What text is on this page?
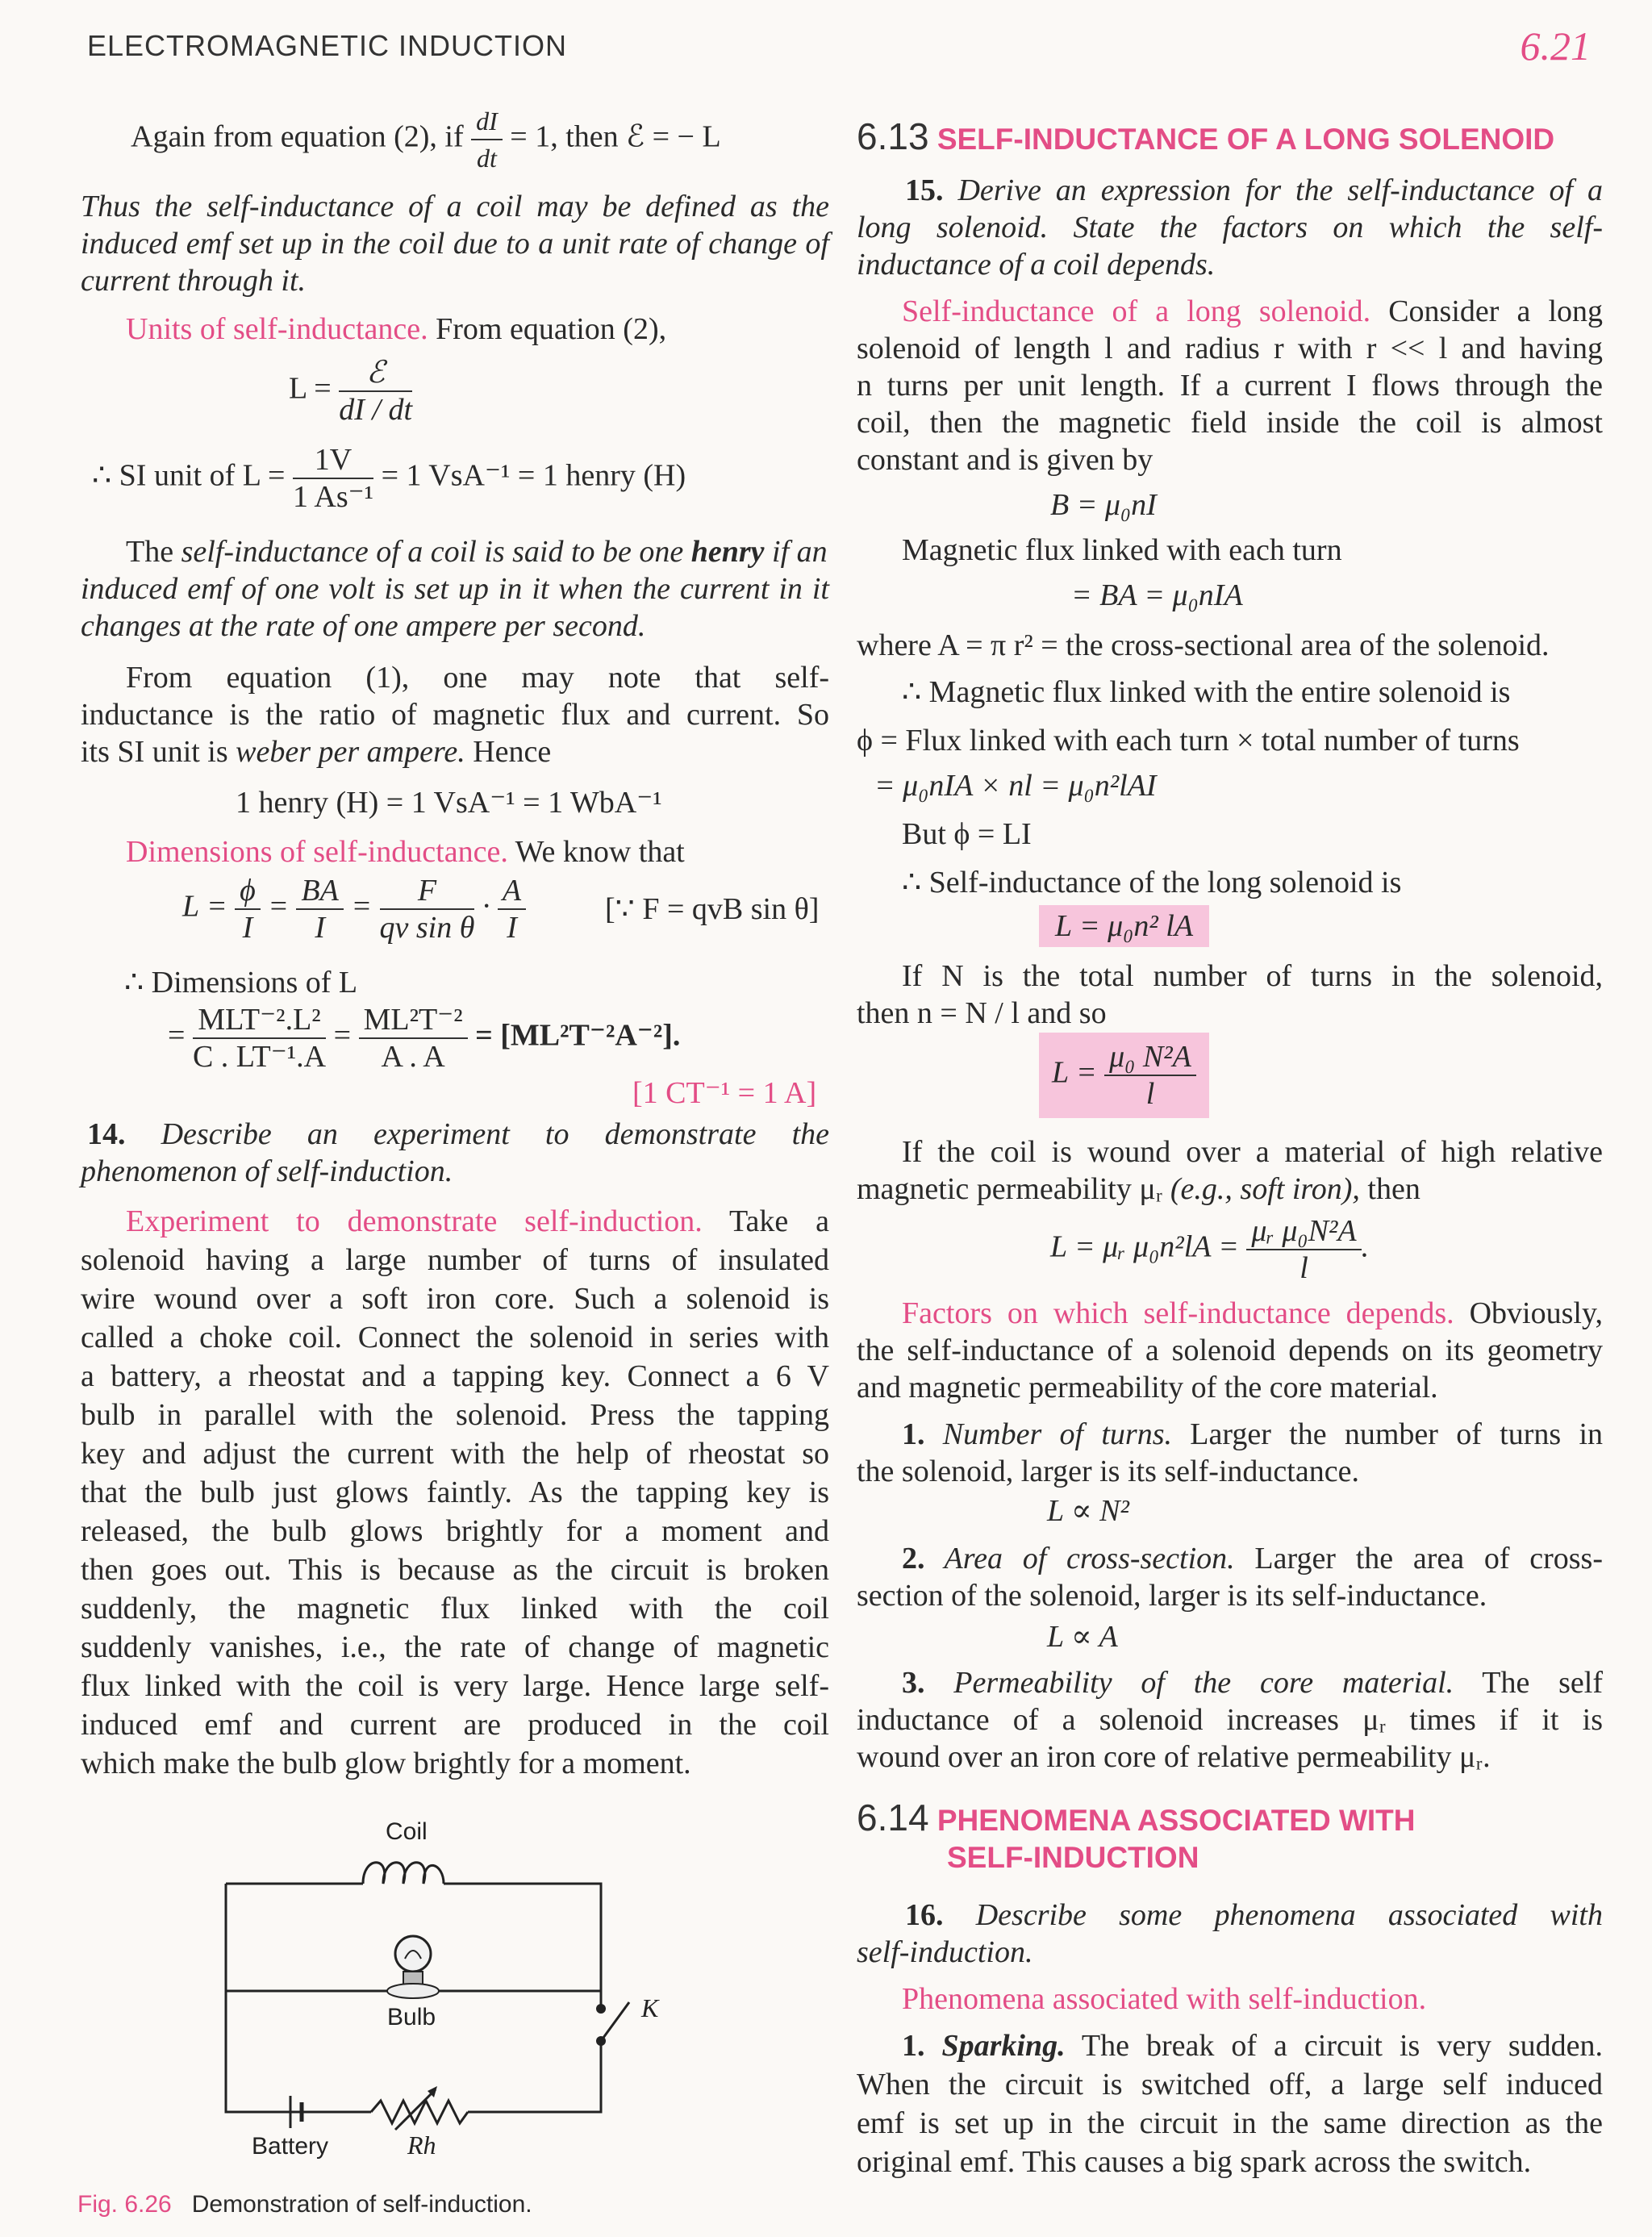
ELECTROMAGNETIC INDUCTION	6.21
Again from equation (2), if $\frac{dI}{dt} = 1$, then ℰ = − L
Thus the self-inductance of a coil may be defined as the
induced emf set up in the coil due to a unit rate of change of
current through it.
Units of self-inductance. From equation (2),
$L = \frac{\text{ℰ}}{dI / dt}$
∴ SI unit of $L = \frac{1V}{\text{1 As⁻¹}} = 1$ VsA⁻¹ = 1 henry (H)
The self-inductance of a coil is said to be one henry if an
induced emf of one volt is set up in it when the current in it
changes at the rate of one ampere per second.
From equation (1), one may note that self-
inductance is the ratio of magnetic flux and current. So
its SI unit is weber per ampere. Hence
1 henry (H) = 1 VsA⁻¹ = 1 WbA⁻¹
Dimensions of self-inductance. We know that
$L = \frac{\phi}{I} = \frac{BA}{I} = \frac{F}{\text{qv sin θ}} \cdot \frac{A}{I}$	[∵ F = qvB sin θ]
∴ Dimensions of L
= $\frac{\text{MLT⁻².L²}}{\text{C . LT⁻¹.A}} = \frac{\text{ML²T⁻²}}{A . A} = [ML^2T^{-2}A^{-2}]$.
[1 CT⁻¹ = 1 A]
14. Describe an experiment to demonstrate the
phenomenon of self-induction.
Experiment to demonstrate self-induction. Take a
solenoid having a large number of turns of insulated
wire wound over a soft iron core. Such a solenoid is
called a choke coil. Connect the solenoid in series with
a battery, a rheostat and a tapping key. Connect a 6 V
bulb in parallel with the solenoid. Press the tapping
key and adjust the current with the help of rheostat so
that the bulb just glows faintly. As the tapping key is
released, the bulb glows brightly for a moment and
then goes out. This is because as the circuit is broken
suddenly, the magnetic flux linked with the coil
suddenly vanishes, i.e., the rate of change of magnetic
flux linked with the coil is very large. Hence large self-
induced emf and current are produced in the coil
which make the bulb glow brightly for a moment.
Coil
Bulb	K
Battery	Rh
Fig. 6.26 Demonstration of self-induction.
6.13 SELF-INDUCTANCE OF A LONG SOLENOID
15. Derive an expression for the self-inductance of a
long solenoid. State the factors on which the self-
inductance of a coil depends.
Self-inductance of a long solenoid. Consider a long
solenoid of length l and radius r with r << l and having
n turns per unit length. If a current I flows through the
coil, then the magnetic field inside the coil is almost
constant and is given by
B = μ₀nI
Magnetic flux linked with each turn
= BA = μ₀nIA
where A = π r² = the cross-sectional area of the solenoid.
∴ Magnetic flux linked with the entire solenoid is
ϕ = Flux linked with each turn × total number of turns
= μ₀nIA × nl = μ₀n²lAI
But ϕ = LI
∴ Self-inductance of the long solenoid is
L = μ₀n² lA
If N is the total number of turns in the solenoid,
then n = N / l and so
$L = \frac{\text{μ₀ N²A}}{l}$
If the coil is wound over a material of high relative
magnetic permeability μᵣ (e.g., soft iron), then
L = μᵣ $\mu_0n^2lA = \frac{\text{μᵣ μ₀N²A}}{l}$ .
Factors on which self-inductance depends. Obviously,
the self-inductance of a solenoid depends on its geometry
and magnetic permeability of the core material.
1. Number of turns. Larger the number of turns in
the solenoid, larger is its self-inductance.
L ∝ N²
2. Area of cross-section. Larger the area of cross-
section of the solenoid, larger is its self-inductance.
L ∝ A
3. Permeability of the core material. The self
inductance of a solenoid increases μᵣ times if it is
wound over an iron core of relative permeability μᵣ.
6.14 PHENOMENA ASSOCIATED WITH
SELF-INDUCTION
16. Describe some phenomena associated with
self-induction.
Phenomena associated with self-induction.
1. Sparking. The break of a circuit is very sudden.
When the circuit is switched off, a large self induced
emf is set up in the circuit in the same direction as the
original emf. This causes a big spark across the switch.
